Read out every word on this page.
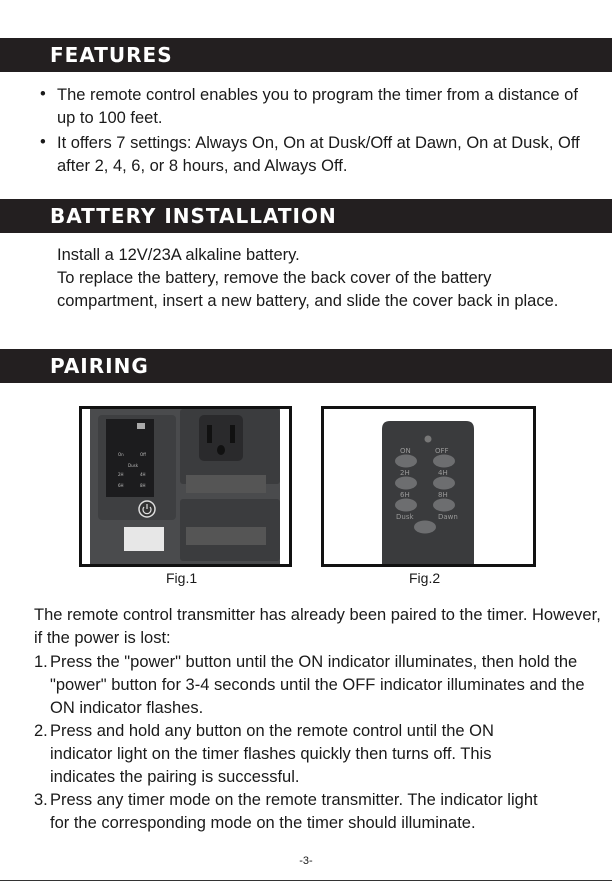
FEATURES
• The remote control enables you to program the timer from a distance of up to 100 feet.
• It offers 7 settings: Always On, On at Dusk/Off at Dawn, On at Dusk, Off after 2, 4, 6, or 8 hours, and Always Off.
BATTERY INSTALLATION

Install a 12V/23A alkaline battery.

To replace the battery, remove the back cover of the battery compartment, insert a new battery, and slide the cover back in place.

PAIRING
On	Off
Dusk
2H	4H
6H	8H
Fig.1
ON	OFF
2H	4H
6H	8H
Dusk	Dawn
Fig.2

The remote control transmitter has already been paired to the timer. However, if the power is lost:

1. Press the "power" button until the ON indicator illuminates, then hold the "power" button for 3-4 seconds until the OFF indicator illuminates and the ON indicator flashes.
2. Press and hold any button on the remote control until the ON indicator light on the timer flashes quickly then turns off. This indicates the pairing is successful.
3. Press any timer mode on the remote transmitter. The indicator light for the corresponding mode on the timer should illuminate.
-3-
